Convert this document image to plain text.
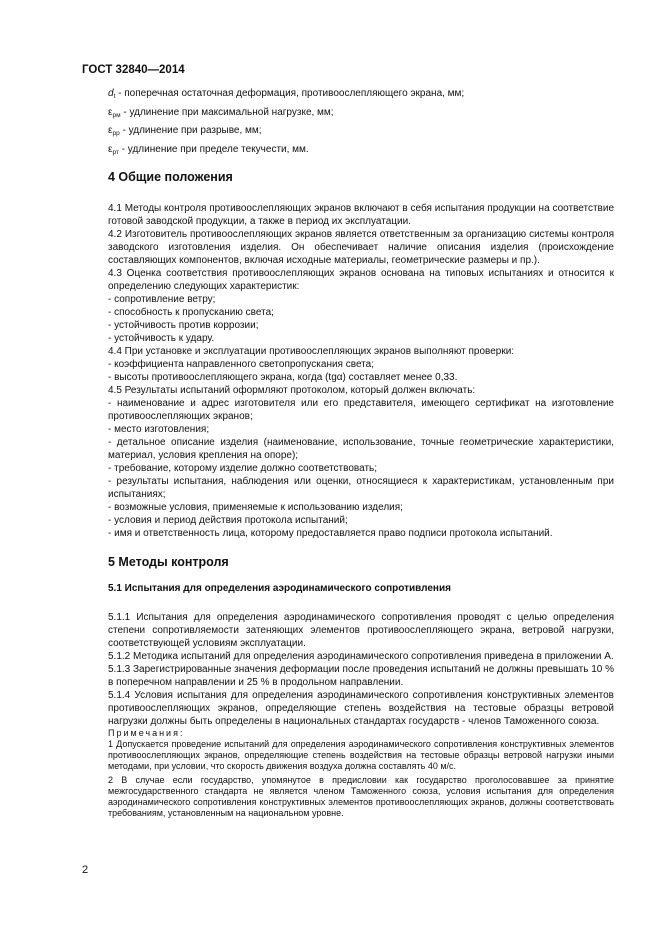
ГОСТ 32840—2014

$d_t$ - поперечная остаточная деформация, противоослепляющего экрана, мм;

$\varepsilon_{рм}$ - удлинение при максимальной нагрузке, мм;

$\varepsilon_{рр}$ - удлинение при разрыве, мм;

$\varepsilon_{рт}$ - удлинение при пределе текучести, мм.

4 Общие положения

4.1 Методы контроля противоослепляющих экранов включают в себя испытания продукции на соответствие готовой заводской продукции, а также в период их эксплуатации.

4.2 Изготовитель противоослепляющих экранов является ответственным за организацию системы контроля заводского изготовления изделия. Он обеспечивает наличие описания изделия (происхождение составляющих компонентов, включая исходные материалы, геометрические размеры и пр.).

4.3 Оценка соответствия противоослепляющих экранов основана на типовых испытаниях и относится к определению следующих характеристик:

- сопротивление ветру;

- способность к пропусканию света;

- устойчивость против коррозии;

- устойчивость к удару.

4.4 При установке и эксплуатации противоослепляющих экранов выполняют проверки:

- коэффициента направленного светопропускания света;

- высоты противоослепляющего экрана, когда (tgα) составляет менее 0,33.

4.5 Результаты испытаний оформляют протоколом, который должен включать:

- наименование и адрес изготовителя или его представителя, имеющего сертификат на изготовление противоослепляющих экранов;

- место изготовления;

- детальное описание изделия (наименование, использование, точные геометрические характеристики, материал, условия крепления на опоре);

- требование, которому изделие должно соответствовать;

- результаты испытания, наблюдения или оценки, относящиеся к характеристикам, установленным при испытаниях;

- возможные условия, применяемые к использованию изделия;

- условия и период действия протокола испытаний;

- имя и ответственность лица, которому предоставляется право подписи протокола испытаний.

5 Методы контроля
5.1 Испытания для определения аэродинамического сопротивления

5.1.1 Испытания для определения аэродинамического сопротивления проводят с целью определения степени сопротивляемости затеняющих элементов противоослепляющего экрана, ветровой нагрузки, соответствующей условиям эксплуатации.

5.1.2 Методика испытаний для определения аэродинамического сопротивления приведена в приложении А.

5.1.3 Зарегистрированные значения деформации после проведения испытаний не должны превышать 10 % в поперечном направлении и 25 % в продольном направлении.

5.1.4 Условия испытания для определения аэродинамического сопротивления конструктивных элементов противоослепляющих экранов, определяющие степень воздействия на тестовые образцы ветровой нагрузки должны быть определены в национальных стандартах государств - членов Таможенного союза.

Примечания:

1 Допускается проведение испытаний для определения аэродинамического сопротивления конструктивных элементов противоослепляющих экранов, определяющие степень воздействия на тестовые образцы ветровой нагрузки иными методами, при условии, что скорость движения воздуха должна составлять 40 м/с.

2 В случае если государство, упомянутое в предисловии как государство проголосовавшее за принятие межгосударственного стандарта не является членом Таможенного союза, условия испытания для определения аэродинамического сопротивления конструктивных элементов противоослепляющих экранов, должны соответствовать требованиям, установленным на национальном уровне.

2
